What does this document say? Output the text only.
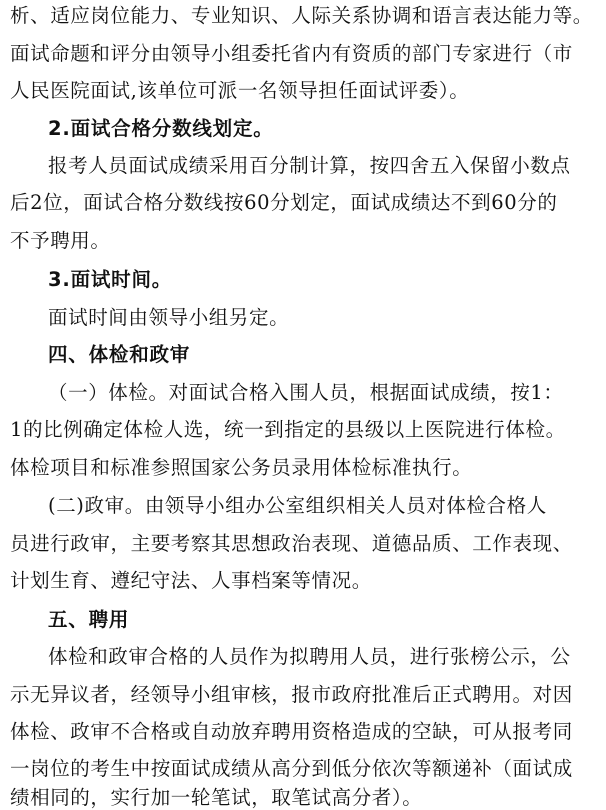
析、适应岗位能力、专业知识、人际关系协调和语言表达能力等。
面试命题和评分由领导小组委托省内有资质的部门专家进行（市
人民医院面试,该单位可派一名领导担任面试评委）。
2.面试合格分数线划定。
报考人员面试成绩采用百分制计算，按四舍五入保留小数点
后2位，面试合格分数线按60分划定，面试成绩达不到60分的
不予聘用。
3.面试时间。
面试时间由领导小组另定。
四、体检和政审
（一）体检。对面试合格入围人员，根据面试成绩，按1：
1的比例确定体检人选，统一到指定的县级以上医院进行体检。
体检项目和标准参照国家公务员录用体检标准执行。
(二)政审。由领导小组办公室组织相关人员对体检合格人
员进行政审，主要考察其思想政治表现、道德品质、工作表现、
计划生育、遵纪守法、人事档案等情况。
五、聘用
体检和政审合格的人员作为拟聘用人员，进行张榜公示，公
示无异议者，经领导小组审核，报市政府批准后正式聘用。对因
体检、政审不合格或自动放弃聘用资格造成的空缺，可从报考同
一岗位的考生中按面试成绩从高分到低分依次等额递补（面试成
绩相同的，实行加一轮笔试，取笔试高分者）。
